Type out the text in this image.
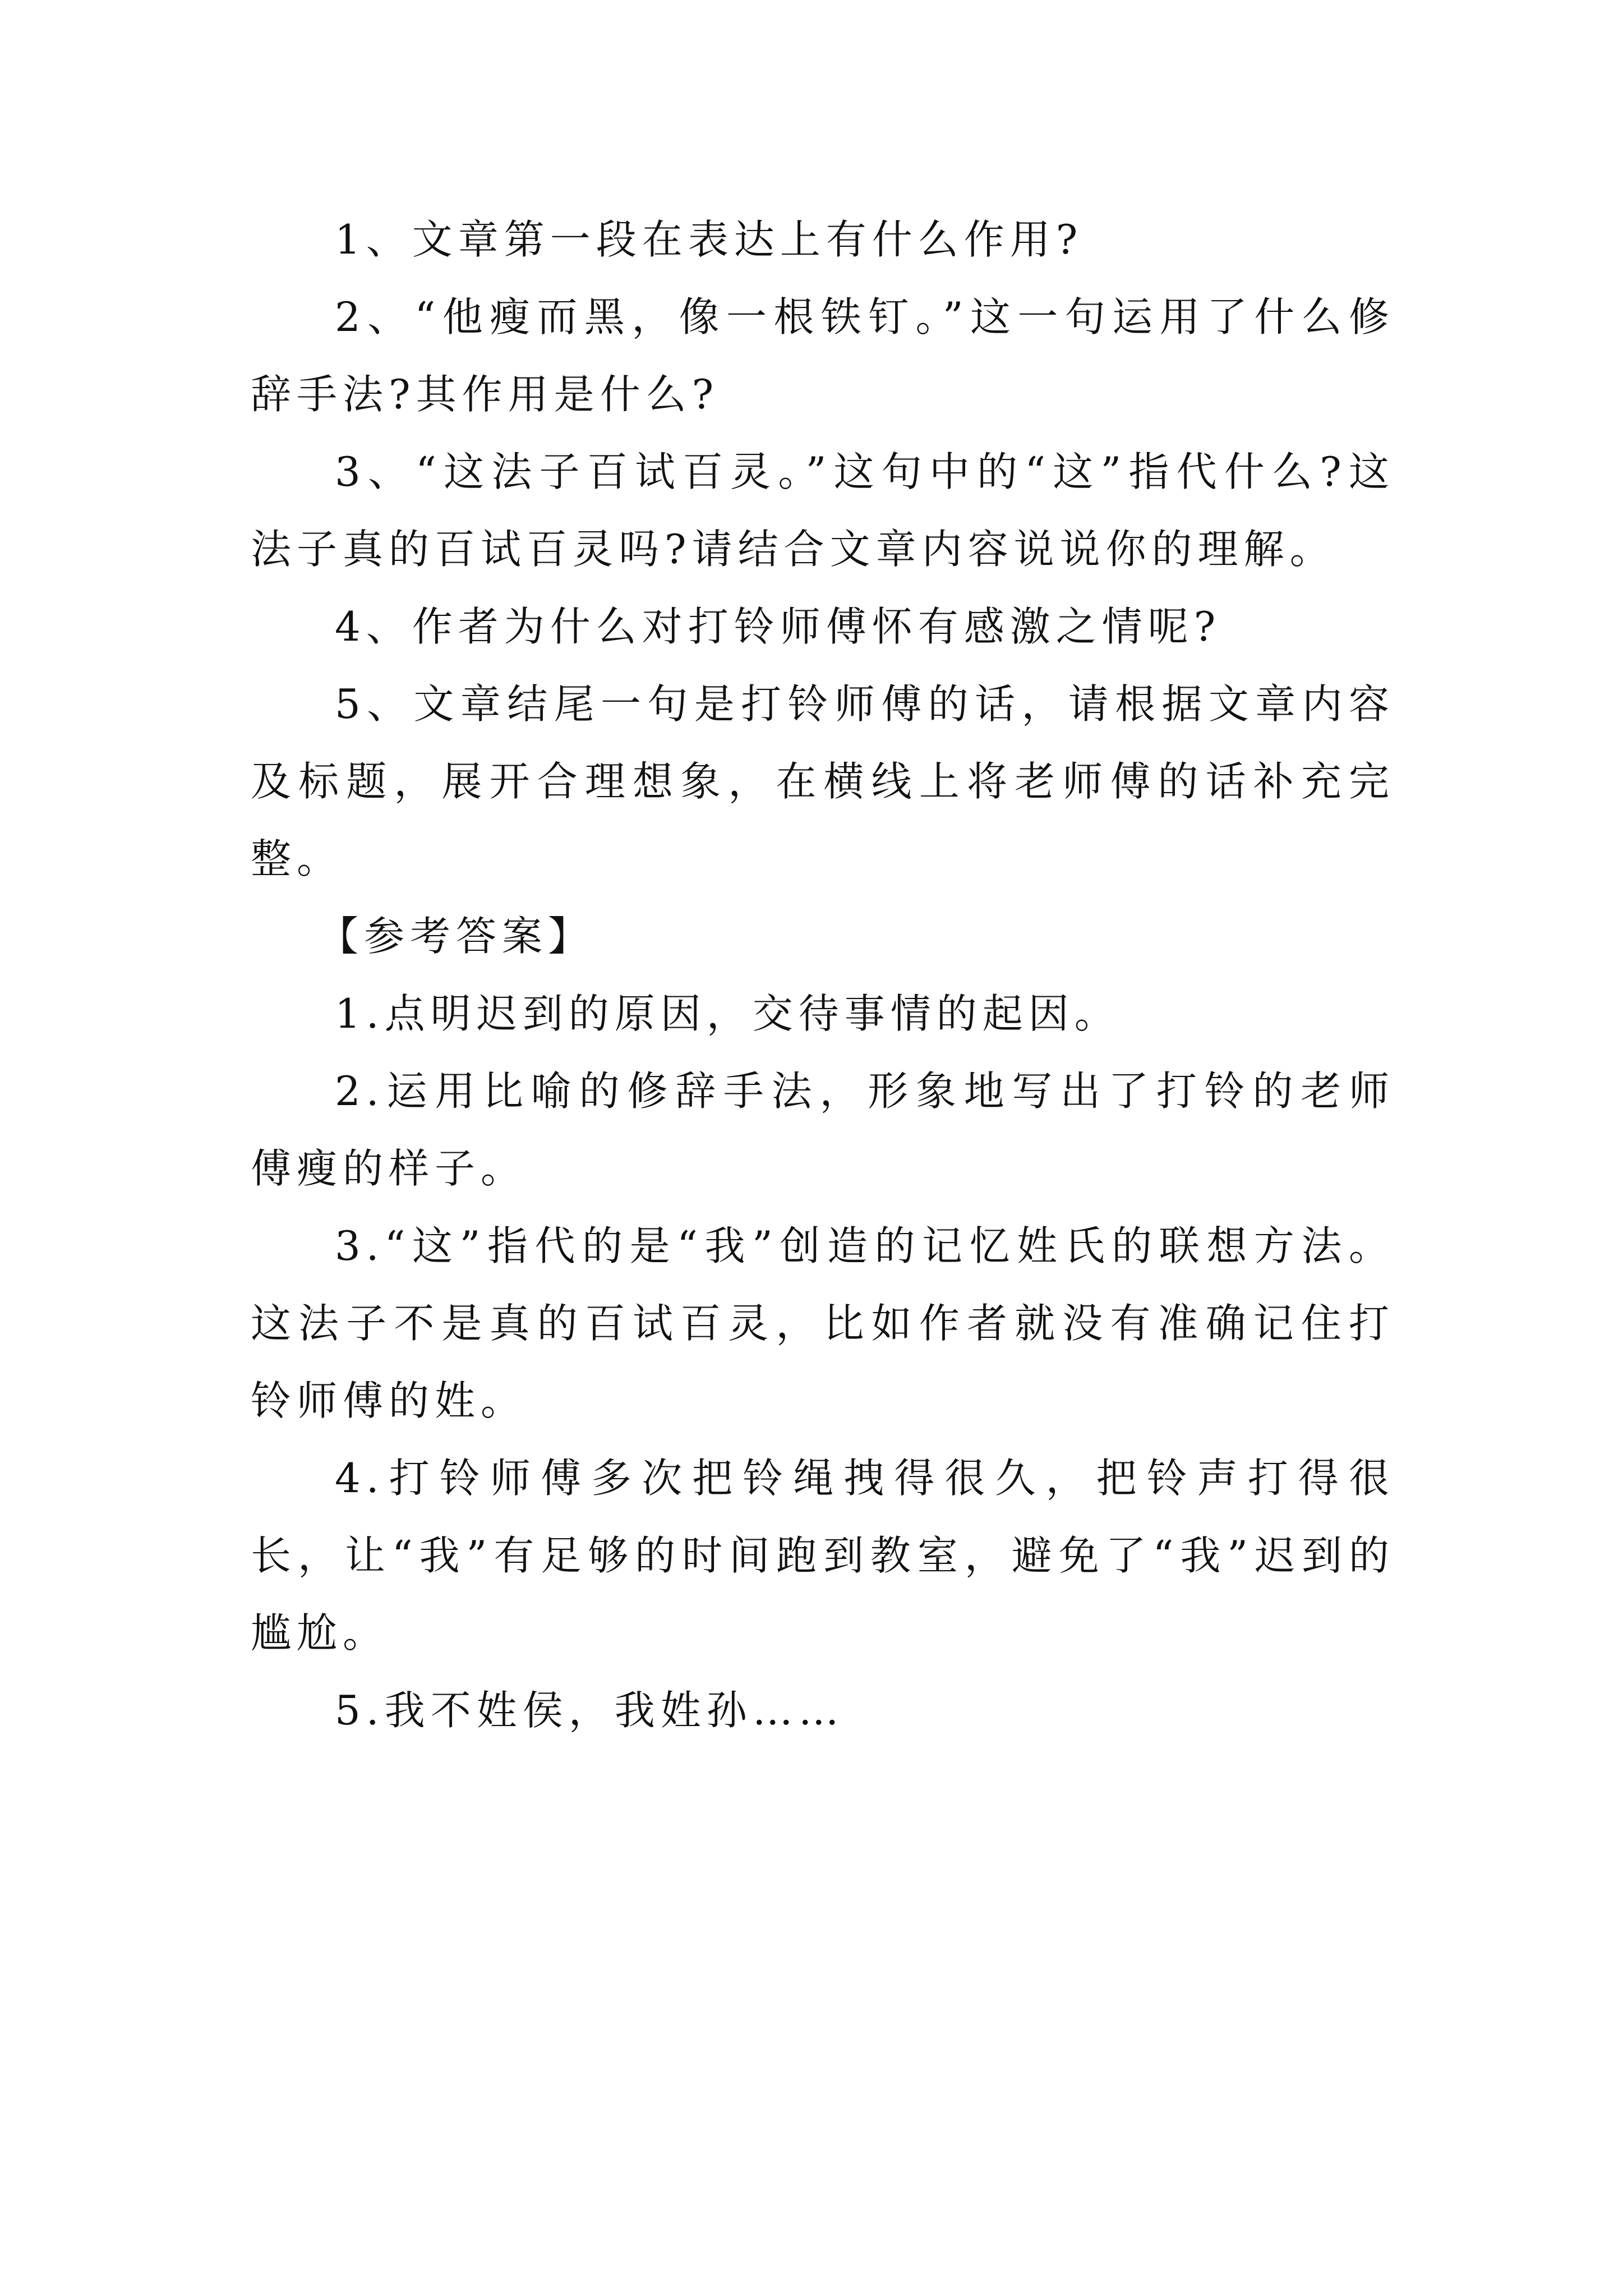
1、文章第一段在表达上有什么作用?

2、“他瘦而黑，像一根铁钉。”这一句运用了什么修辞手法?其作用是什么?

3、“这法子百试百灵。”这句中的“这”指代什么?这法子真的百试百灵吗?请结合文章内容说说你的理解。

4、作者为什么对打铃师傅怀有感激之情呢?

5、文章结尾一句是打铃师傅的话，请根据文章内容及标题，展开合理想象，在横线上将老师傅的话补充完整。

【参考答案】

1.点明迟到的原因，交待事情的起因。

2.运用比喻的修辞手法，形象地写出了打铃的老师傅瘦的样子。

3.“这”指代的是“我”创造的记忆姓氏的联想方法。这法子不是真的百试百灵，比如作者就没有准确记住打铃师傅的姓。

4.打铃师傅多次把铃绳拽得很久，把铃声打得很长，让“我”有足够的时间跑到教室，避免了“我”迟到的尴尬。

5.我不姓侯，我姓孙……
